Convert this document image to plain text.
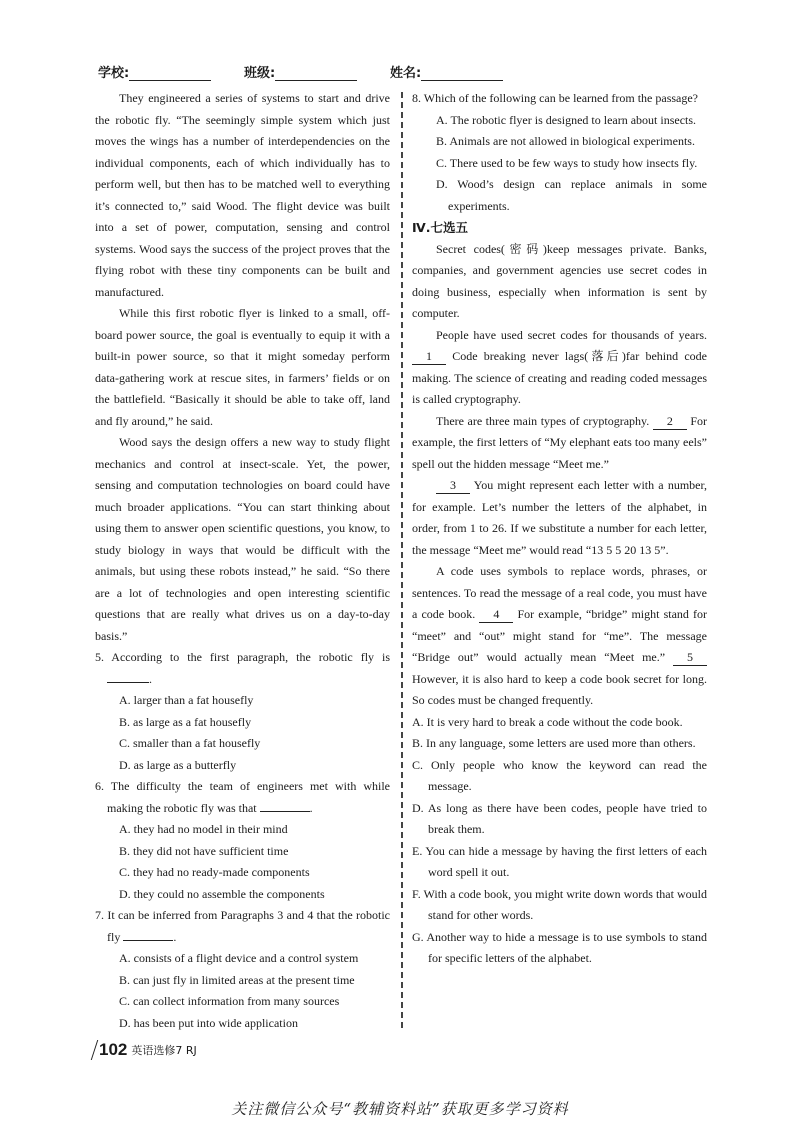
学校:	班级:	姓名:

They engineered a series of systems to start and drive the robotic fly. “The seemingly simple system which just moves the wings has a number of interdependencies on the individual components, each of which individually has to perform well, but then has to be matched well to everything it’s connected to,” said Wood. The flight device was built into a set of power, computation, sensing and control systems. Wood says the success of the project proves that the flying robot with these tiny components can be built and manufactured.

While this first robotic flyer is linked to a small, off-board power source, the goal is eventually to equip it with a built-in power source, so that it might someday perform data-gathering work at rescue sites, in farmers’ fields or on the battlefield. “Basically it should be able to take off, land and fly around,” he said.

Wood says the design offers a new way to study flight mechanics and control at insect-scale. Yet, the power, sensing and computation technologies on board could have much broader applications. “You can start thinking about using them to answer open scientific questions, you know, to study biology in ways that would be difficult with the animals, but using these robots instead,” he said. “So there are a lot of technologies and open interesting scientific questions that are really what drives us on a day-to-day basis.”

5. According to the first paragraph, the robotic fly is .

A. larger than a fat housefly

B. as large as a fat housefly

C. smaller than a fat housefly

D. as large as a butterfly

6. The difficulty the team of engineers met with while making the robotic fly was that	.

A. they had no model in their mind

B. they did not have sufficient time

C. they had no ready-made components

D. they could no assemble the components

7. It can be inferred from Paragraphs 3 and 4 that the robotic fly	.

A. consists of a flight device and a control system

B. can just fly in limited areas at the present time

C. can collect information from many sources

D. has been put into wide application

8. Which of the following can be learned from the passage?

A. The robotic flyer is designed to learn about insects.

B. Animals are not allowed in biological experiments.

C. There used to be few ways to study how insects fly.

D. Wood’s design can replace animals in some experiments.

Ⅳ.七选五

Secret codes(密码)keep messages private. Banks, companies, and government agencies use secret codes in doing business, especially when information is sent by computer.

People have used secret codes for thousands of years. 1 Code breaking never lags(落后)far behind code making. The science of creating and reading coded messages is called cryptography.

There are three main types of cryptography. 2 For example, the first letters of “My elephant eats too many eels” spell out the hidden message “Meet me.”

3 You might represent each letter with a number, for example. Let’s number the letters of the alphabet, in order, from 1 to 26. If we substitute a number for each letter, the message “Meet me” would read “13 5 5 20 13 5”.

A code uses symbols to replace words, phrases, or sentences. To read the message of a real code, you must have a code book. 4 For example, “bridge” might stand for “meet” and “out” might stand for “me”. The message “Bridge out” would actually mean “Meet me.” 5 However, it is also hard to keep a code book secret for long. So codes must be changed frequently.

A. It is very hard to break a code without the code book.

B. In any language, some letters are used more than others.

C. Only people who know the keyword can read the message.

D. As long as there have been codes, people have tried to break them.

E. You can hide a message by having the first letters of each word spell it out.

F. With a code book, you might write down words that would stand for other words.

G. Another way to hide a message is to use symbols to stand for specific letters of the alphabet.

102 英语选修7 RJ
关注微信公众号“教辅资料站”获取更多学习资料
